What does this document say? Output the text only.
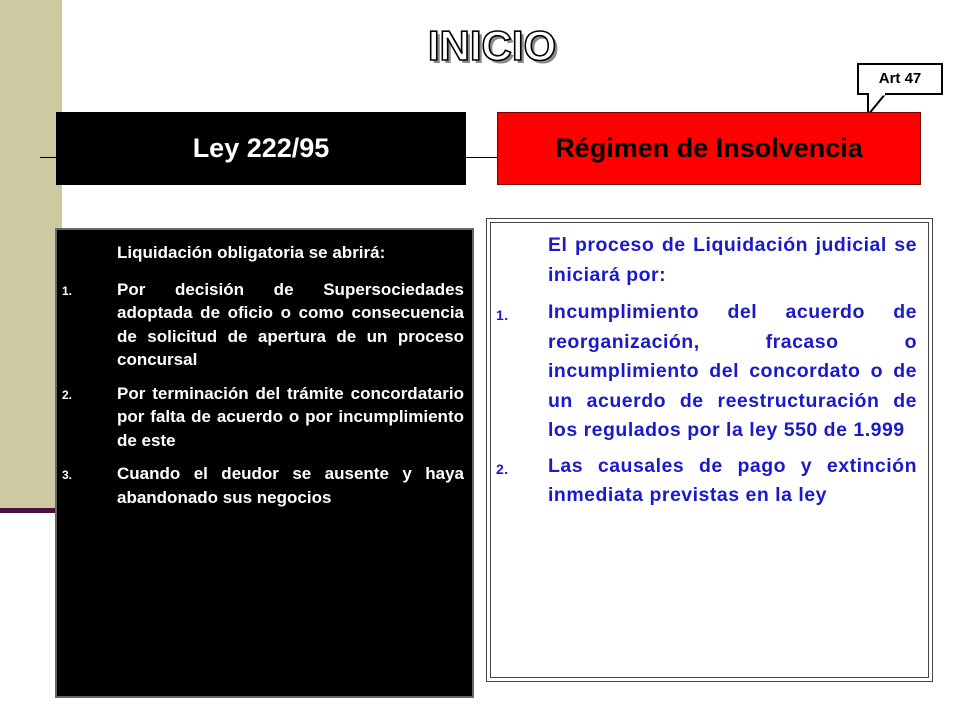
INICIO
Art 47
Ley 222/95	Régimen de Insolvencia
Liquidación obligatoria se abrirá:
1.	Por decisión de Supersociedades adoptada de oficio o como consecuencia de solicitud de apertura de un proceso concursal
2.	Por terminación del trámite concordatario por falta de acuerdo o por incumplimiento de este
3.	Cuando el deudor se ausente y haya abandonado sus negocios
El proceso de Liquidación judicial se iniciará por:
1.	Incumplimiento del acuerdo de reorganización, fracaso o incumplimiento del concordato o de un acuerdo de reestructuración de los regulados por la ley 550 de 1.999
2.	Las causales de pago y extinción inmediata previstas en la ley
